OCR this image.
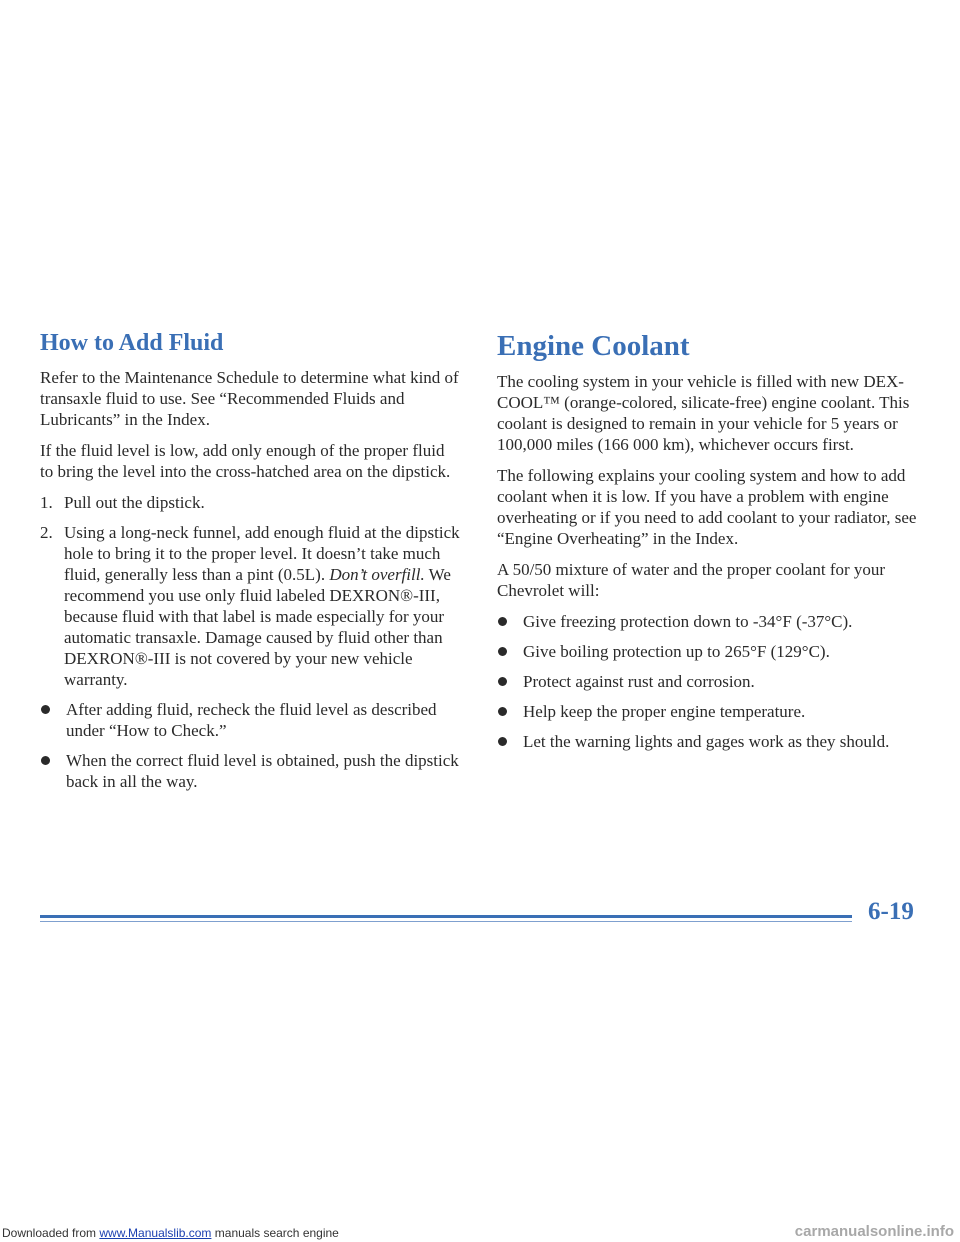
How to Add Fluid

Refer to the Maintenance Schedule to determine what kind of transaxle fluid to use. See “Recommended Fluids and Lubricants” in the Index.

If the fluid level is low, add only enough of the proper fluid to bring the level into the cross-hatched area on the dipstick.

1. Pull out the dipstick.
2. Using a long-neck funnel, add enough fluid at the dipstick hole to bring it to the proper level. It doesn’t take much fluid, generally less than a pint (0.5L). Don’t overfill. We recommend you use only fluid labeled DEXRON®-III, because fluid with that label is made especially for your automatic transaxle. Damage caused by fluid other than DEXRON®-III is not covered by your new vehicle warranty.
After adding fluid, recheck the fluid level as described under “How to Check.”
When the correct fluid level is obtained, push the dipstick back in all the way.
Engine Coolant

The cooling system in your vehicle is filled with new DEX-COOL™ (orange-colored, silicate-free) engine coolant. This coolant is designed to remain in your vehicle for 5 years or 100,000 miles (166 000 km), whichever occurs first.

The following explains your cooling system and how to add coolant when it is low. If you have a problem with engine overheating or if you need to add coolant to your radiator, see “Engine Overheating” in the Index.

A 50/50 mixture of water and the proper coolant for your Chevrolet will:

Give freezing protection down to -34°F (-37°C).
Give boiling protection up to 265°F (129°C).
Protect against rust and corrosion.
Help keep the proper engine temperature.
Let the warning lights and gages work as they should.
6-19
Downloaded from www.Manualslib.com manuals search engine	carmanualsonline.info
